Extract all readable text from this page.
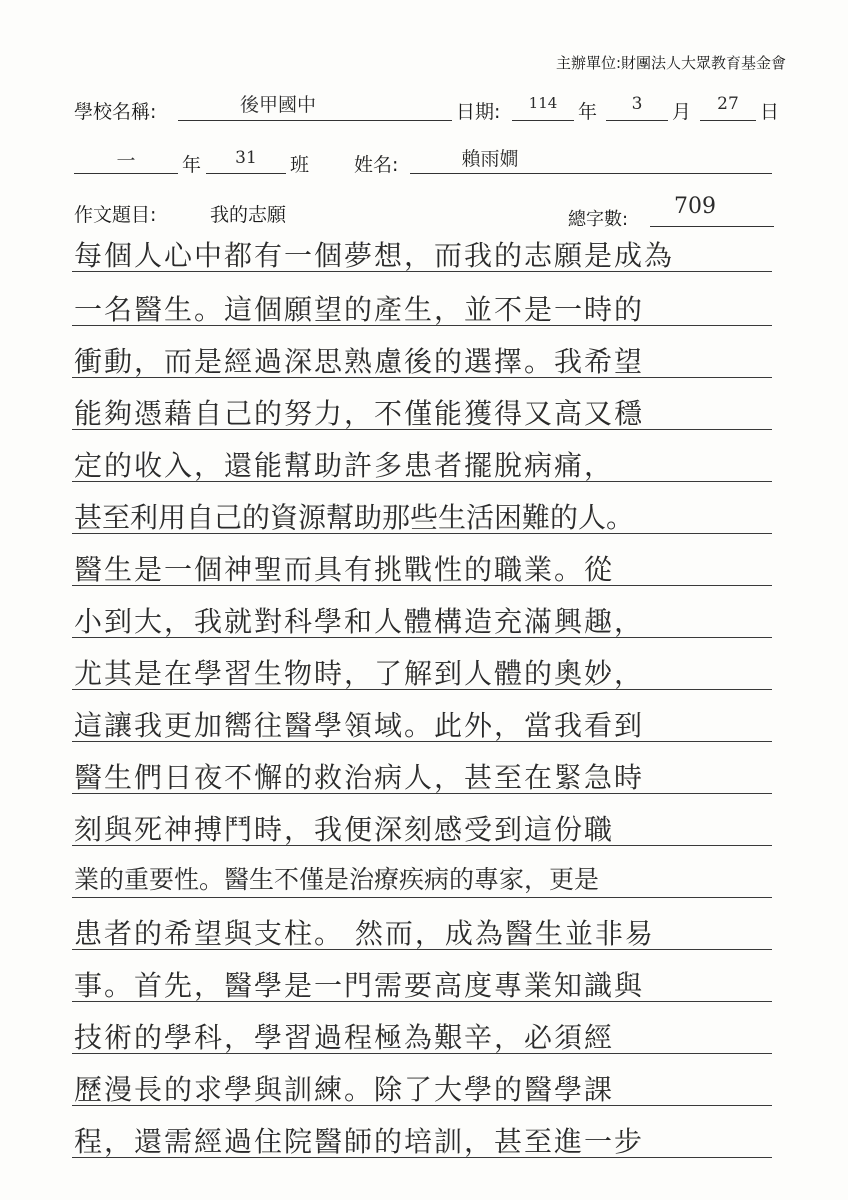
主辦單位:財團法人大眾教育基金會
學校名稱:	後甲國中	日期:	114	年	3	月	27	日
一	年	31	班 姓名:	賴雨嫺
作文題目:	我的志願	總字數:
709
每個人心中都有一個夢想，而我的志願是成為
一名醫生。這個願望的產生，並不是一時的
衝動，而是經過深思熟慮後的選擇。我希望
能夠憑藉自己的努力，不僅能獲得又高又穩
定的收入，還能幫助許多患者擺脫病痛，
甚至利用自己的資源幫助那些生活困難的人。
醫生是一個神聖而具有挑戰性的職業。從
小到大，我就對科學和人體構造充滿興趣，
尤其是在學習生物時，了解到人體的奧妙，
這讓我更加嚮往醫學領域。此外，當我看到
醫生們日夜不懈的救治病人，甚至在緊急時
刻與死神搏鬥時，我便深刻感受到這份職
業的重要性。醫生不僅是治療疾病的專家，更是
患者的希望與支柱。 然而，成為醫生並非易
事。首先，醫學是一門需要高度專業知識與
技術的學科，學習過程極為艱辛，必須經
歷漫長的求學與訓練。除了大學的醫學課
程，還需經過住院醫師的培訓，甚至進一步
